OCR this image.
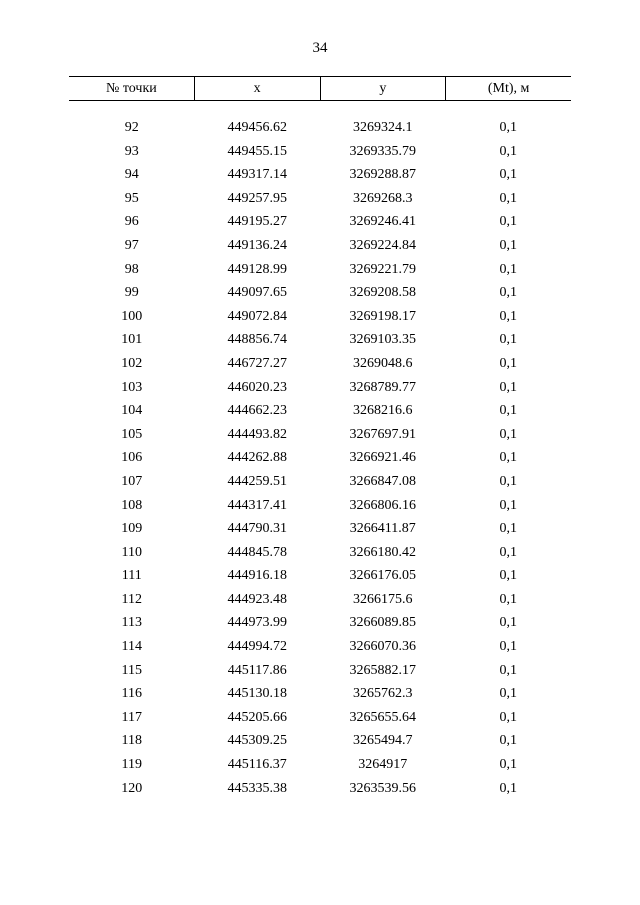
34
№ точки	x	y	(Mt), м
92	449456.62	3269324.1	0,1
93	449455.15	3269335.79	0,1
94	449317.14	3269288.87	0,1
95	449257.95	3269268.3	0,1
96	449195.27	3269246.41	0,1
97	449136.24	3269224.84	0,1
98	449128.99	3269221.79	0,1
99	449097.65	3269208.58	0,1
100	449072.84	3269198.17	0,1
101	448856.74	3269103.35	0,1
102	446727.27	3269048.6	0,1
103	446020.23	3268789.77	0,1
104	444662.23	3268216.6	0,1
105	444493.82	3267697.91	0,1
106	444262.88	3266921.46	0,1
107	444259.51	3266847.08	0,1
108	444317.41	3266806.16	0,1
109	444790.31	3266411.87	0,1
110	444845.78	3266180.42	0,1
111	444916.18	3266176.05	0,1
112	444923.48	3266175.6	0,1
113	444973.99	3266089.85	0,1
114	444994.72	3266070.36	0,1
115	445117.86	3265882.17	0,1
116	445130.18	3265762.3	0,1
117	445205.66	3265655.64	0,1
118	445309.25	3265494.7	0,1
119	445116.37	3264917	0,1
120	445335.38	3263539.56	0,1
